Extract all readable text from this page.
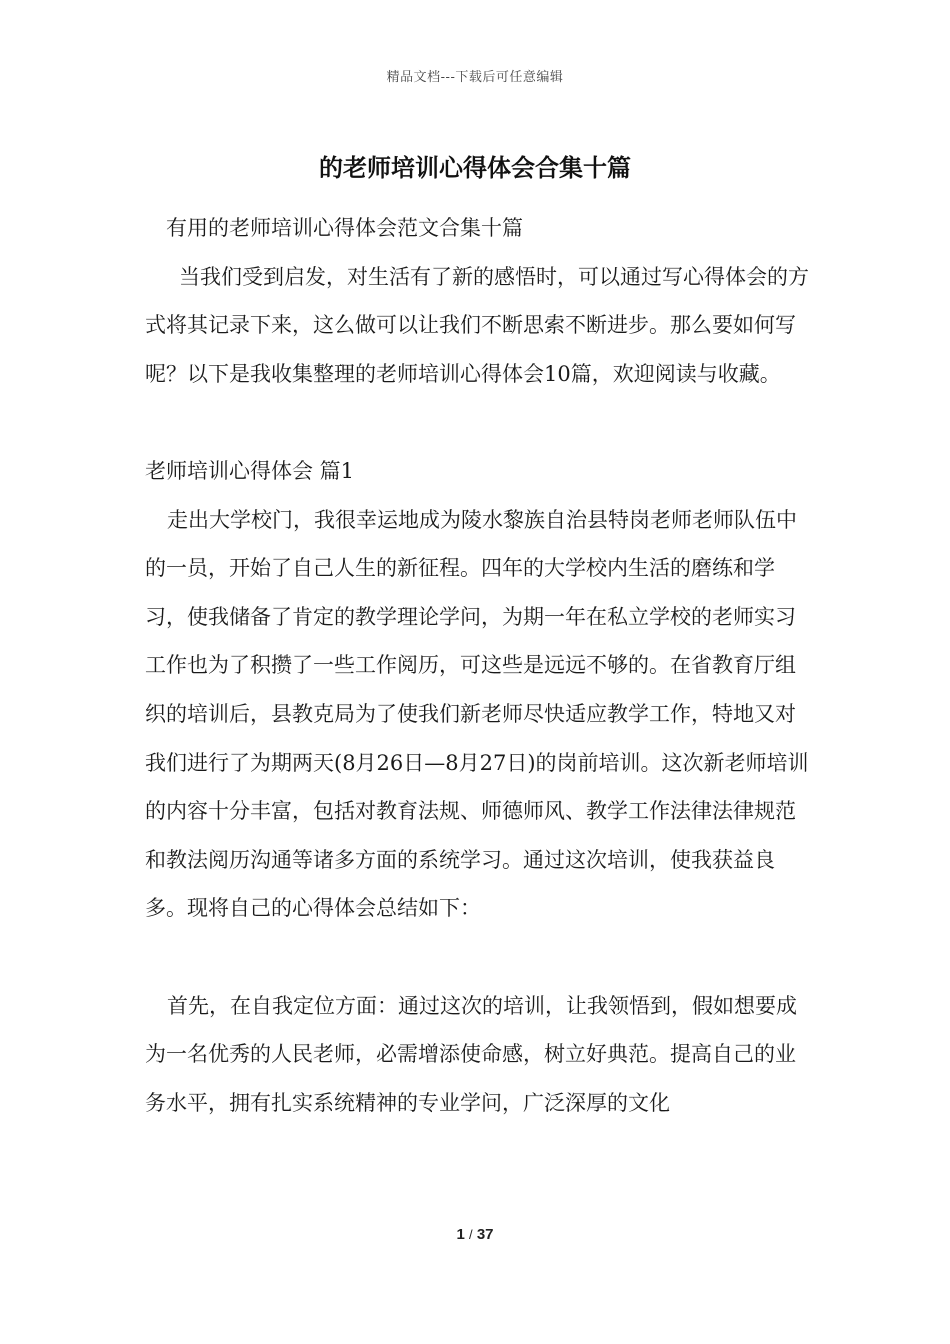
精品文档---下载后可任意编辑
的老师培训心得体会合集十篇

有用的老师培训心得体会范文合集十篇

当我们受到启发，对生活有了新的感悟时，可以通过写心得体会的方式将其记录下来，这么做可以让我们不断思索不断进步。那么要如何写呢？以下是我收集整理的老师培训心得体会10篇，欢迎阅读与收藏。

老师培训心得体会 篇1

走出大学校门，我很幸运地成为陵水黎族自治县特岗老师老师队伍中的一员，开始了自己人生的新征程。四年的大学校内生活的磨练和学习，使我储备了肯定的教学理论学问，为期一年在私立学校的老师实习工作也为了积攒了一些工作阅历，可这些是远远不够的。在省教育厅组织的培训后，县教克局为了使我们新老师尽快适应教学工作，特地又对我们进行了为期两天(8月26日—8月27日)的岗前培训。这次新老师培训的内容十分丰富，包括对教育法规、师德师风、教学工作法律法律规范和教法阅历沟通等诸多方面的系统学习。通过这次培训，使我获益良多。现将自己的心得体会总结如下：

首先，在自我定位方面：通过这次的培训，让我领悟到，假如想要成为一名优秀的人民老师，必需增添使命感，树立好典范。提高自己的业务水平，拥有扎实系统精神的专业学问，广泛深厚的文化

1 / 37
